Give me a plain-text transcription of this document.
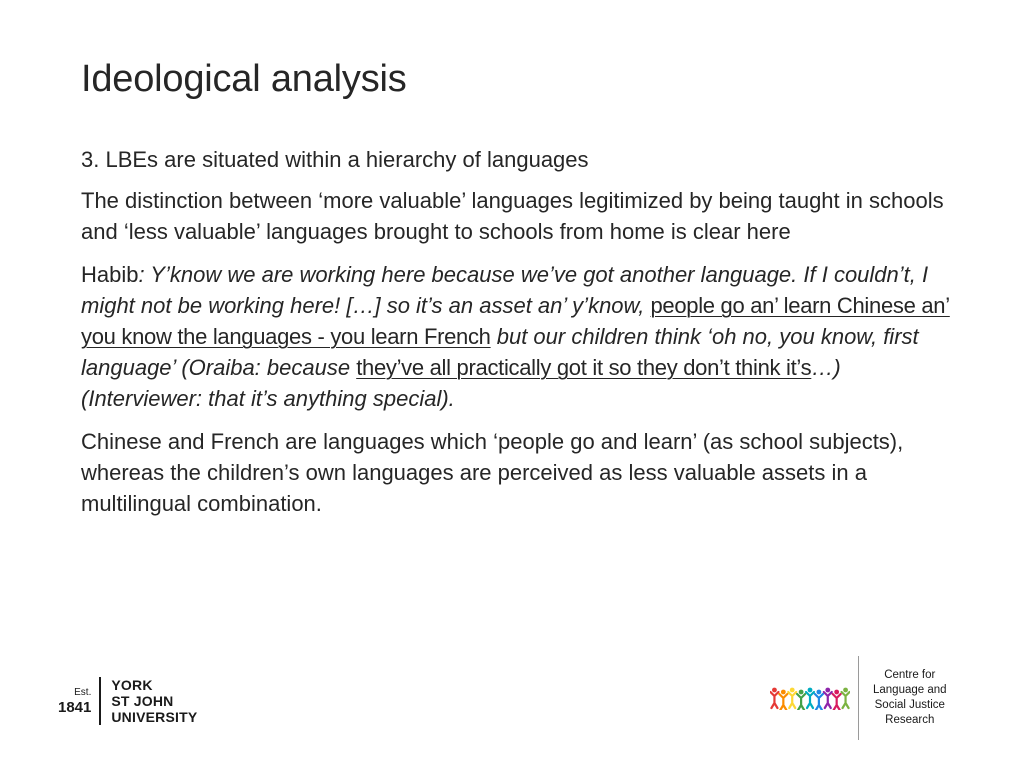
Ideological analysis

3. LBEs are situated within a hierarchy of languages

The distinction between ‘more valuable’ languages legitimized by being taught in schools and ‘less valuable’ languages brought to schools from home is clear here

Habib: Y’know we are working here because we’ve got another language. If I couldn’t, I might not be working here! […] so it’s an asset an’ y’know, people go an’ learn Chinese an’ you know the languages - you learn French but our children think ‘oh no, you know, first language’ (Oraiba: because they’ve all practically got it so they don’t think it’s…) (Interviewer: that it’s anything special).

Chinese and French are languages which ‘people go and learn’ (as school subjects), whereas the children’s own languages are perceived as less valuable assets in a multilingual combination.

Est.
1841
YORK
ST JOHN
UNIVERSITY
Centre for
Language and
Social Justice
Research
